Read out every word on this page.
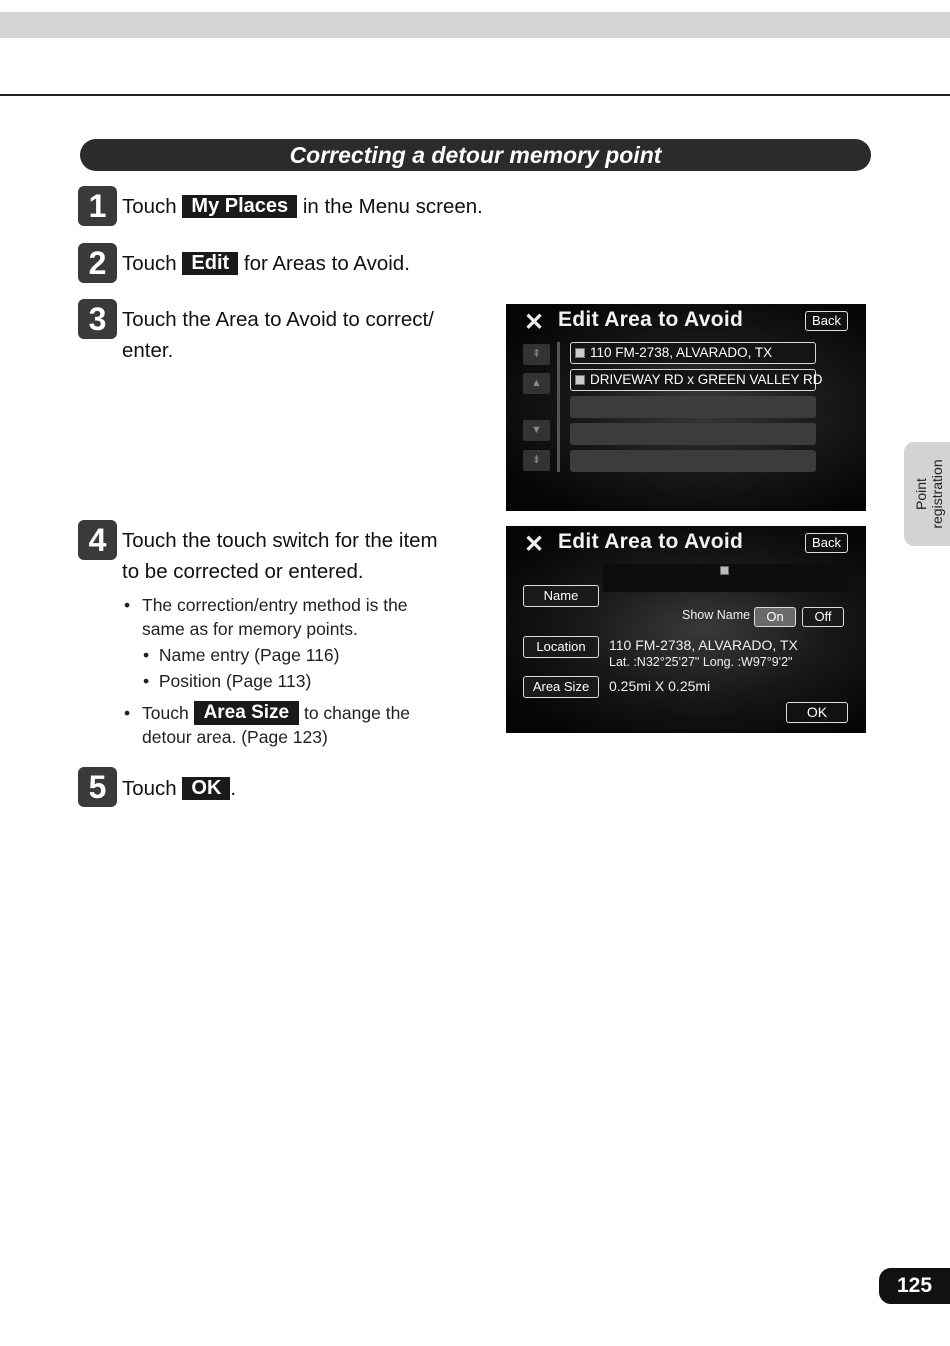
Correcting a detour memory point
1 Touch My Places in the Menu screen.
2 Touch Edit for Areas to Avoid.
3 Touch the Area to Avoid to correct/
enter.
✕ Edit Area to Avoid	Back
⇞
▲
▼
⇟
110 FM-2738, ALVARADO, TX
DRIVEWAY RD x GREEN VALLEY RD
4 Touch the touch switch for the item
to be corrected or entered.
• The correction/entry method is the
same as for memory points.
•  Name entry (Page 116)
•  Position (Page 113)
• Touch Area Size to change the
detour area. (Page 123)
✕ Edit Area to Avoid	Back
Name
Show Name	On	Off
Location	110 FM-2738, ALVARADO, TX
Lat. :N32°25'27" Long. :W97°9'2"
Area Size	0.25mi X 0.25mi
OK
5 Touch OK .
Point registration
125
